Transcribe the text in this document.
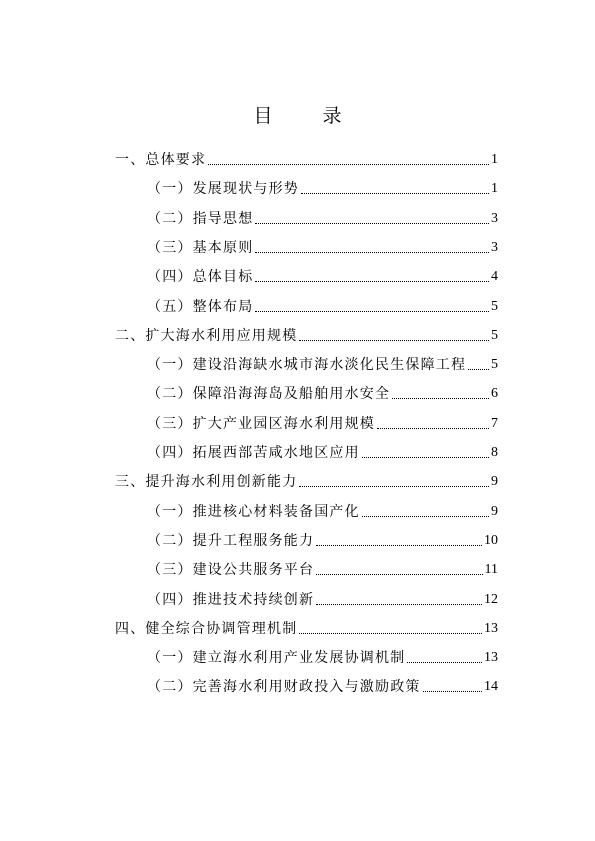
目 录
一、总体要求	1
（一）发展现状与形势	1
（二）指导思想	3
（三）基本原则	3
（四）总体目标	4
（五）整体布局	5
二、扩大海水利用应用规模	5
（一）建设沿海缺水城市海水淡化民生保障工程 5
（二）保障沿海海岛及船舶用水安全	6
（三）扩大产业园区海水利用规模	7
（四）拓展西部苦咸水地区应用	8
三、提升海水利用创新能力	9
（一）推进核心材料装备国产化	9
（二）提升工程服务能力	10
（三）建设公共服务平台	11
（四）推进技术持续创新	12
四、健全综合协调管理机制	13
（一）建立海水利用产业发展协调机制	13
（二）完善海水利用财政投入与激励政策	14
